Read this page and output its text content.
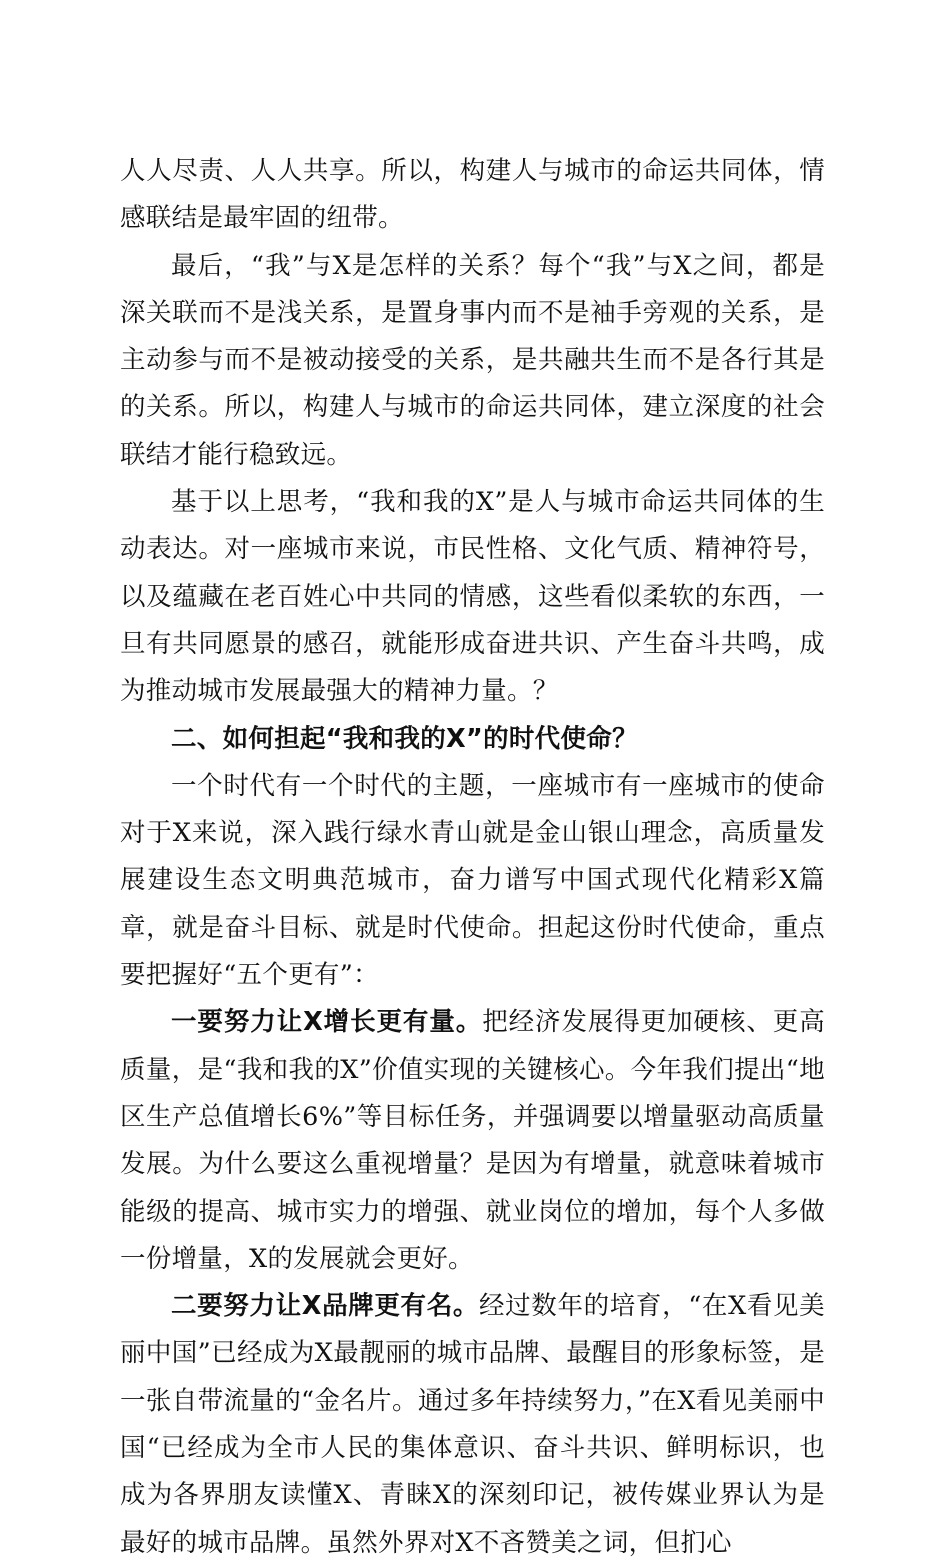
人人尽责、人人共享。所以，构建人与城市的命运共同体，情感联结是最牢固的纽带。

最后，“我”与X是怎样的关系？每个“我”与X之间，都是深关联而不是浅关系，是置身事内而不是袖手旁观的关系，是主动参与而不是被动接受的关系，是共融共生而不是各行其是的关系。所以，构建人与城市的命运共同体，建立深度的社会联结才能行稳致远。

基于以上思考，“我和我的X”是人与城市命运共同体的生动表达。对一座城市来说，市民性格、文化气质、精神符号，以及蕴藏在老百姓心中共同的情感，这些看似柔软的东西，一旦有共同愿景的感召，就能形成奋进共识、产生奋斗共鸣，成为推动城市发展最强大的精神力量。？

二、如何担起“我和我的X”的时代使命？

一个时代有一个时代的主题，一座城市有一座城市的使命对于X来说，深入践行绿水青山就是金山银山理念，高质量发展建设生态文明典范城市，奋力谱写中国式现代化精彩X篇章，就是奋斗目标、就是时代使命。担起这份时代使命，重点要把握好“五个更有”：

一要努力让X增长更有量。把经济发展得更加硬核、更高质量，是“我和我的X”价值实现的关键核心。今年我们提出“地区生产总值增长6%”等目标任务，并强调要以增量驱动高质量发展。为什么要这么重视增量？是因为有增量，就意味着城市能级的提高、城市实力的增强、就业岗位的增加，每个人多做一份增量，X的发展就会更好。

二要努力让X品牌更有名。经过数年的培育，“在X看见美丽中国”已经成为X最靓丽的城市品牌、最醒目的形象标签，是一张自带流量的“金名片。通过多年持续努力，”在X看见美丽中国“已经成为全市人民的集体意识、奋斗共识、鲜明标识，也成为各界朋友读懂X、青睐X的深刻印记，被传媒业界认为是最好的城市品牌。虽然外界对X不吝赞美之词，但扪心
